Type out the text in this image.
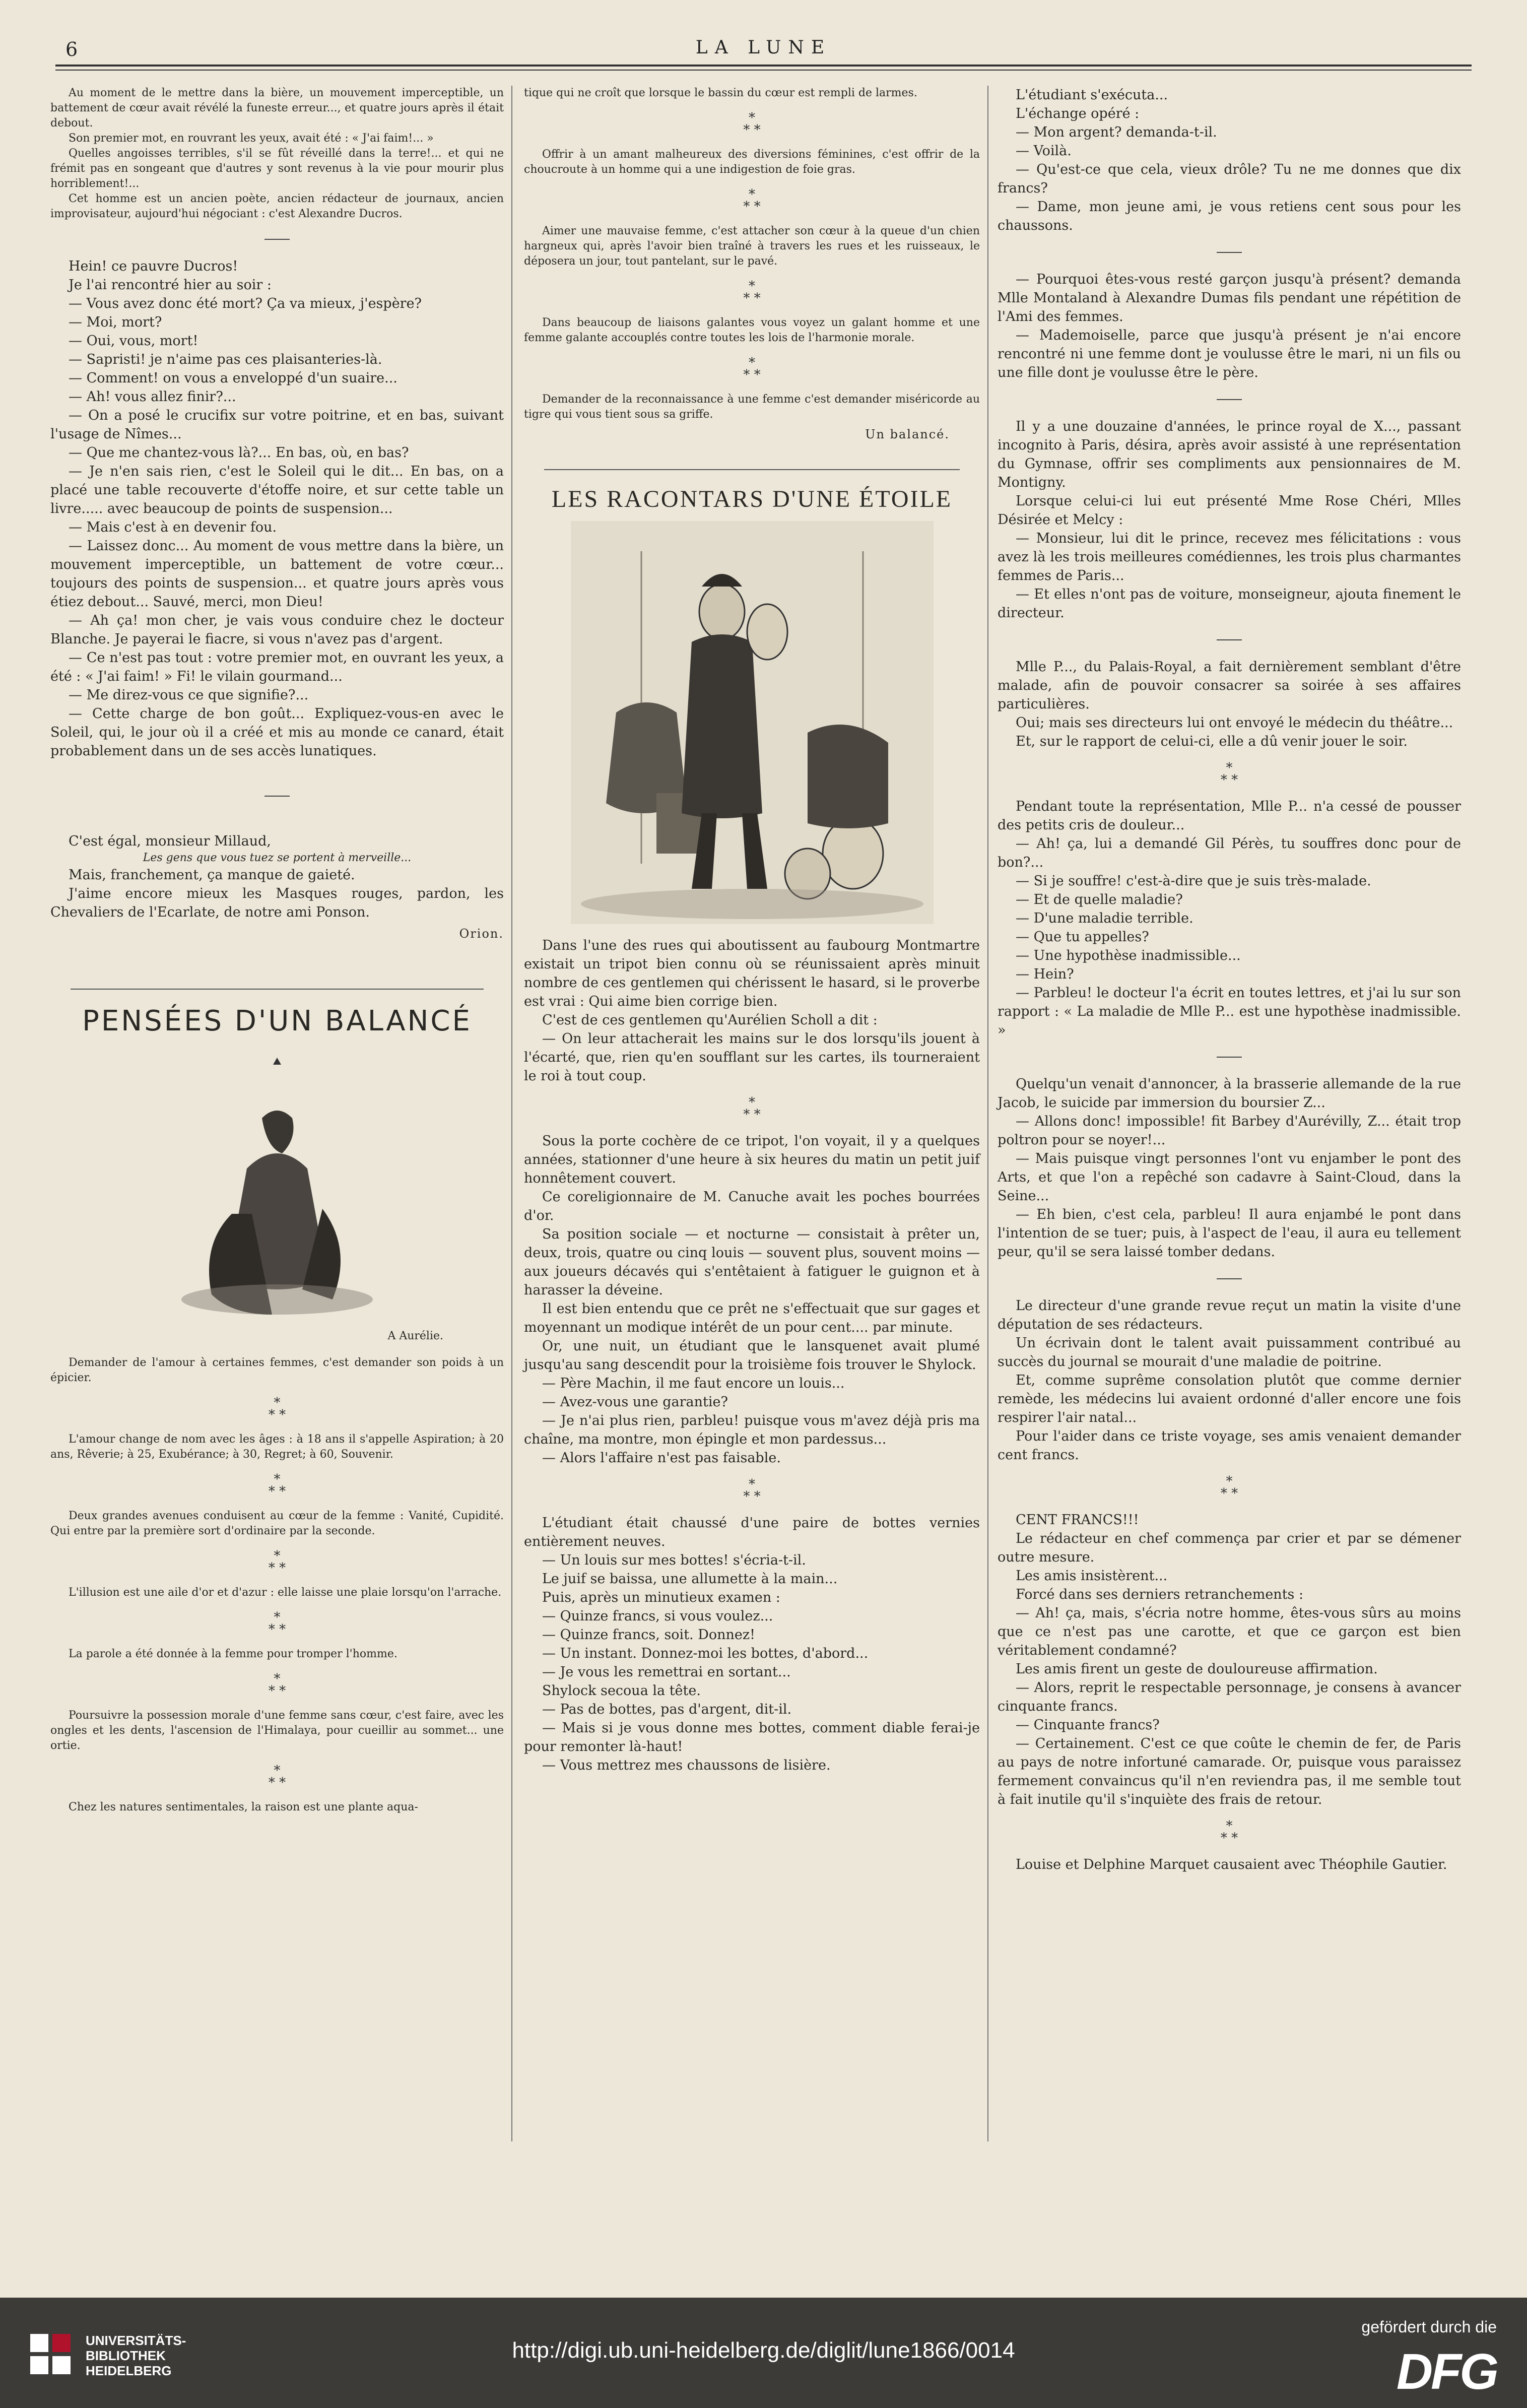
6	LA LUNE

Au moment de le mettre dans la bière, un mouvement imperceptible, un battement de cœur avait révélé la funeste erreur..., et quatre jours après il était debout.

Son premier mot, en rouvrant les yeux, avait été : « J'ai faim!... »

Quelles angoisses terribles, s'il se fût réveillé dans la terre!... et qui ne frémit pas en songeant que d'autres y sont revenus à la vie pour mourir plus horriblement!...

Cet homme est un ancien poète, ancien rédacteur de journaux, ancien improvisateur, aujourd'hui négociant : c'est Alexandre Ducros.

Hein! ce pauvre Ducros!

Je l'ai rencontré hier au soir :

— Vous avez donc été mort? Ça va mieux, j'espère?

— Moi, mort?

— Oui, vous, mort!

— Sapristi! je n'aime pas ces plaisanteries-là.

— Comment! on vous a enveloppé d'un suaire...

— Ah! vous allez finir?...

— On a posé le crucifix sur votre poitrine, et en bas, suivant l'usage de Nîmes...

— Que me chantez-vous là?... En bas, où, en bas?

— Je n'en sais rien, c'est le Soleil qui le dit... En bas, on a placé une table recouverte d'étoffe noire, et sur cette table un livre..... avec beaucoup de points de suspension...

— Mais c'est à en devenir fou.

— Laissez donc... Au moment de vous mettre dans la bière, un mouvement imperceptible, un battement de votre cœur... toujours des points de suspension... et quatre jours après vous étiez debout... Sauvé, merci, mon Dieu!

— Ah ça! mon cher, je vais vous conduire chez le docteur Blanche. Je payerai le fiacre, si vous n'avez pas d'argent.

— Ce n'est pas tout : votre premier mot, en ouvrant les yeux, a été : « J'ai faim! » Fi! le vilain gourmand...

— Me direz-vous ce que signifie?...

— Cette charge de bon goût... Expliquez-vous-en avec le Soleil, qui, le jour où il a créé et mis au monde ce canard, était probablement dans un de ses accès lunatiques.

C'est égal, monsieur Millaud,

Les gens que vous tuez se portent à merveille...

Mais, franchement, ça manque de gaieté.

J'aime encore mieux les Masques rouges, pardon, les Chevaliers de l'Ecarlate, de notre ami Ponson.

Orion.

PENSÉES D'UN BALANCÉ

A Aurélie.

Demander de l'amour à certaines femmes, c'est demander son poids à un épicier.

*
* *

L'amour change de nom avec les âges : à 18 ans il s'appelle Aspiration; à 20 ans, Rêverie; à 25, Exubérance; à 30, Regret; à 60, Souvenir.

*
* *

Deux grandes avenues conduisent au cœur de la femme : Vanité, Cupidité. Qui entre par la première sort d'ordinaire par la seconde.

*
* *

L'illusion est une aile d'or et d'azur : elle laisse une plaie lorsqu'on l'arrache.

*
* *

La parole a été donnée à la femme pour tromper l'homme.

*
* *

Poursuivre la possession morale d'une femme sans cœur, c'est faire, avec les ongles et les dents, l'ascension de l'Himalaya, pour cueillir au sommet... une ortie.

*
* *

Chez les natures sentimentales, la raison est une plante aqua-

tique qui ne croît que lorsque le bassin du cœur est rempli de larmes.

*
* *

Offrir à un amant malheureux des diversions féminines, c'est offrir de la choucroute à un homme qui a une indigestion de foie gras.

*
* *

Aimer une mauvaise femme, c'est attacher son cœur à la queue d'un chien hargneux qui, après l'avoir bien traîné à travers les rues et les ruisseaux, le déposera un jour, tout pantelant, sur le pavé.

*
* *

Dans beaucoup de liaisons galantes vous voyez un galant homme et une femme galante accouplés contre toutes les lois de l'harmonie morale.

*
* *

Demander de la reconnaissance à une femme c'est demander miséricorde au tigre qui vous tient sous sa griffe.

Un balancé.

LES RACONTARS D'UNE ÉTOILE

Dans l'une des rues qui aboutissent au faubourg Montmartre existait un tripot bien connu où se réunissaient après minuit nombre de ces gentlemen qui chérissent le hasard, si le proverbe est vrai : Qui aime bien corrige bien.

C'est de ces gentlemen qu'Aurélien Scholl a dit :

— On leur attacherait les mains sur le dos lorsqu'ils jouent à l'écarté, que, rien qu'en soufflant sur les cartes, ils tourneraient le roi à tout coup.

*
* *

Sous la porte cochère de ce tripot, l'on voyait, il y a quelques années, stationner d'une heure à six heures du matin un petit juif honnêtement couvert.

Ce coreligionnaire de M. Canuche avait les poches bourrées d'or.

Sa position sociale — et nocturne — consistait à prêter un, deux, trois, quatre ou cinq louis — souvent plus, souvent moins — aux joueurs décavés qui s'entêtaient à fatiguer le guignon et à harasser la déveine.

Il est bien entendu que ce prêt ne s'effectuait que sur gages et moyennant un modique intérêt de un pour cent.... par minute.

Or, une nuit, un étudiant que le lansquenet avait plumé jusqu'au sang descendit pour la troisième fois trouver le Shylock.

— Père Machin, il me faut encore un louis...

— Avez-vous une garantie?

— Je n'ai plus rien, parbleu! puisque vous m'avez déjà pris ma chaîne, ma montre, mon épingle et mon pardessus...

— Alors l'affaire n'est pas faisable.

*
* *

L'étudiant était chaussé d'une paire de bottes vernies entièrement neuves.

— Un louis sur mes bottes! s'écria-t-il.

Le juif se baissa, une allumette à la main...

Puis, après un minutieux examen :

— Quinze francs, si vous voulez...

— Quinze francs, soit. Donnez!

— Un instant. Donnez-moi les bottes, d'abord...

— Je vous les remettrai en sortant...

Shylock secoua la tête.

— Pas de bottes, pas d'argent, dit-il.

— Mais si je vous donne mes bottes, comment diable ferai-je pour remonter là-haut!

— Vous mettrez mes chaussons de lisière.

L'étudiant s'exécuta...

L'échange opéré :

— Mon argent? demanda-t-il.

— Voilà.

— Qu'est-ce que cela, vieux drôle? Tu ne me donnes que dix francs?

— Dame, mon jeune ami, je vous retiens cent sous pour les chaussons.

— Pourquoi êtes-vous resté garçon jusqu'à présent? demanda Mlle Montaland à Alexandre Dumas fils pendant une répétition de l'Ami des femmes.

— Mademoiselle, parce que jusqu'à présent je n'ai encore rencontré ni une femme dont je voulusse être le mari, ni un fils ou une fille dont je voulusse être le père.

Il y a une douzaine d'années, le prince royal de X..., passant incognito à Paris, désira, après avoir assisté à une représentation du Gymnase, offrir ses compliments aux pensionnaires de M. Montigny.

Lorsque celui-ci lui eut présenté Mme Rose Chéri, Mlles Désirée et Melcy :

— Monsieur, lui dit le prince, recevez mes félicitations : vous avez là les trois meilleures comédiennes, les trois plus charmantes femmes de Paris...

— Et elles n'ont pas de voiture, monseigneur, ajouta finement le directeur.

Mlle P..., du Palais-Royal, a fait dernièrement semblant d'être malade, afin de pouvoir consacrer sa soirée à ses affaires particulières.

Oui; mais ses directeurs lui ont envoyé le médecin du théâtre...

Et, sur le rapport de celui-ci, elle a dû venir jouer le soir.

*
* *

Pendant toute la représentation, Mlle P... n'a cessé de pousser des petits cris de douleur...

— Ah! ça, lui a demandé Gil Pérès, tu souffres donc pour de bon?...

— Si je souffre! c'est-à-dire que je suis très-malade.

— Et de quelle maladie?

— D'une maladie terrible.

— Que tu appelles?

— Une hypothèse inadmissible...

— Hein?

— Parbleu! le docteur l'a écrit en toutes lettres, et j'ai lu sur son rapport : « La maladie de Mlle P... est une hypothèse inadmissible. »

Quelqu'un venait d'annoncer, à la brasserie allemande de la rue Jacob, le suicide par immersion du boursier Z...

— Allons donc! impossible! fit Barbey d'Aurévilly, Z... était trop poltron pour se noyer!...

— Mais puisque vingt personnes l'ont vu enjamber le pont des Arts, et que l'on a repêché son cadavre à Saint-Cloud, dans la Seine...

— Eh bien, c'est cela, parbleu! Il aura enjambé le pont dans l'intention de se tuer; puis, à l'aspect de l'eau, il aura eu tellement peur, qu'il se sera laissé tomber dedans.

Le directeur d'une grande revue reçut un matin la visite d'une députation de ses rédacteurs.

Un écrivain dont le talent avait puissamment contribué au succès du journal se mourait d'une maladie de poitrine.

Et, comme suprême consolation plutôt que comme dernier remède, les médecins lui avaient ordonné d'aller encore une fois respirer l'air natal...

Pour l'aider dans ce triste voyage, ses amis venaient demander cent francs.

*
* *

CENT FRANCS!!!

Le rédacteur en chef commença par crier et par se démener outre mesure.

Les amis insistèrent...

Forcé dans ses derniers retranchements :

— Ah! ça, mais, s'écria notre homme, êtes-vous sûrs au moins que ce n'est pas une carotte, et que ce garçon est bien véritablement condamné?

Les amis firent un geste de douloureuse affirmation.

— Alors, reprit le respectable personnage, je consens à avancer cinquante francs.

— Cinquante francs?

— Certainement. C'est ce que coûte le chemin de fer, de Paris au pays de notre infortuné camarade. Or, puisque vous paraissez fermement convaincus qu'il n'en reviendra pas, il me semble tout à fait inutile qu'il s'inquiète des frais de retour.

*
* *

Louise et Delphine Marquet causaient avec Théophile Gautier.

UNIVERSITÄTS-
BIBLIOTHEK
HEIDELBERG
http://digi.ub.uni-heidelberg.de/diglit/lune1866/0014
gefördert durch die
DFG
